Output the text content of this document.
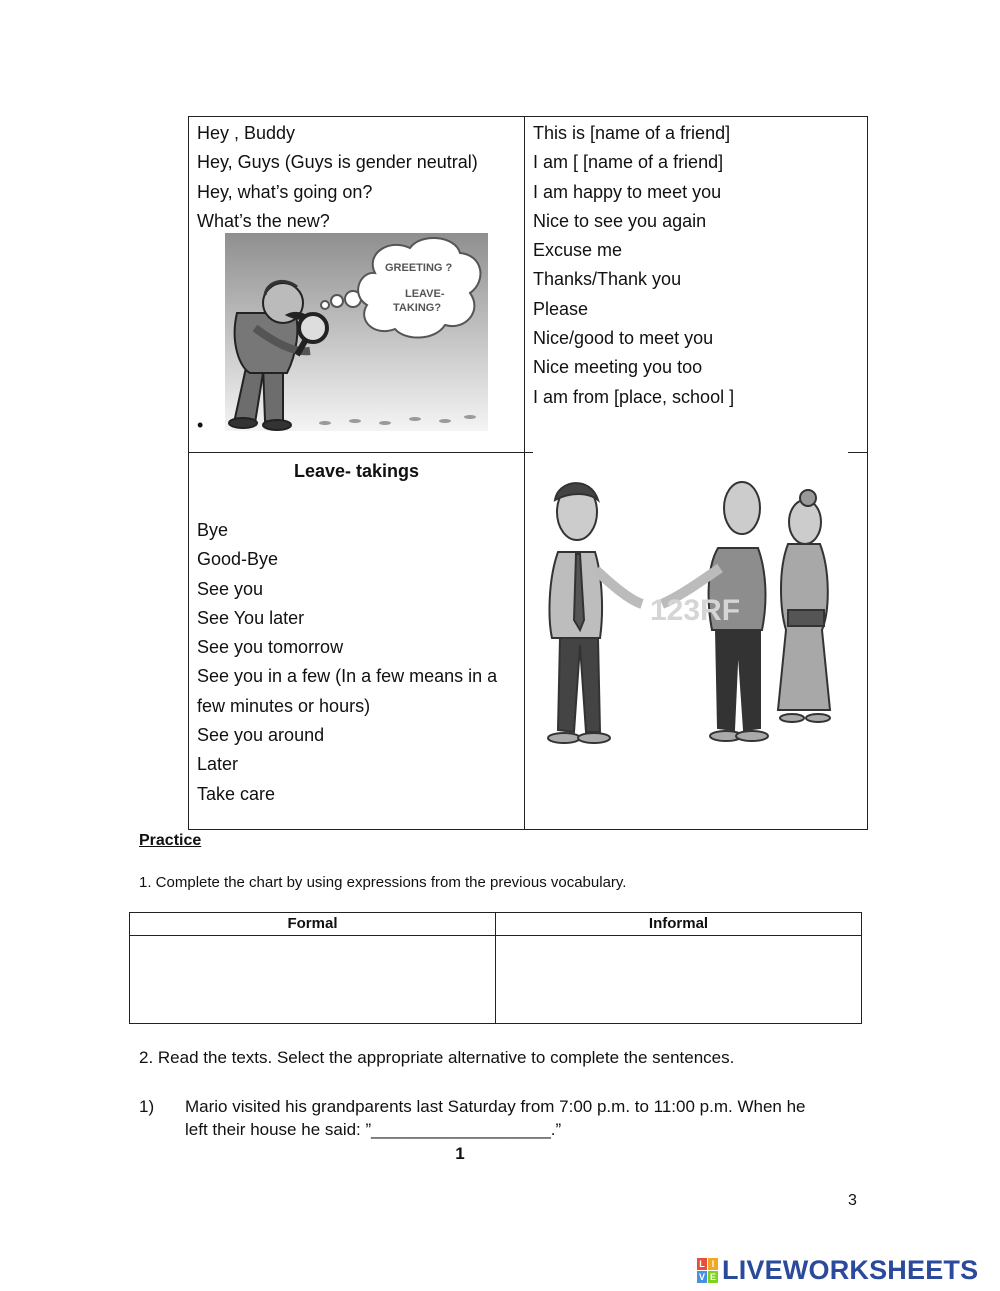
Hey , Buddy
Hey, Guys (Guys is gender neutral)
Hey, what’s going on?
What’s the new?
GREETING ?
LEAVE-
TAKING?
•
This is [name of a friend]
I am [ [name of a friend]
I am happy to meet you
Nice to see you again
Excuse me
Thanks/Thank you
Please
Nice/good to meet you
Nice meeting you too
I am from [place, school ]
Leave- takings
Bye
Good-Bye
See you
See You later
See you tomorrow
See you in a few (In a few means in a
few minutes or hours)
See you around
Later
Take care
123RF
Practice
1. Complete the chart by using expressions from the previous vocabulary.
Formal	Informal
2. Read the texts. Select the appropriate alternative to complete the sentences.
1) Mario visited his grandparents last Saturday from 7:00 p.m. to 11:00 p.m. When he
left their house he said: ”___________________.”
1
3
L I
V E LIVEWORKSHEETS
